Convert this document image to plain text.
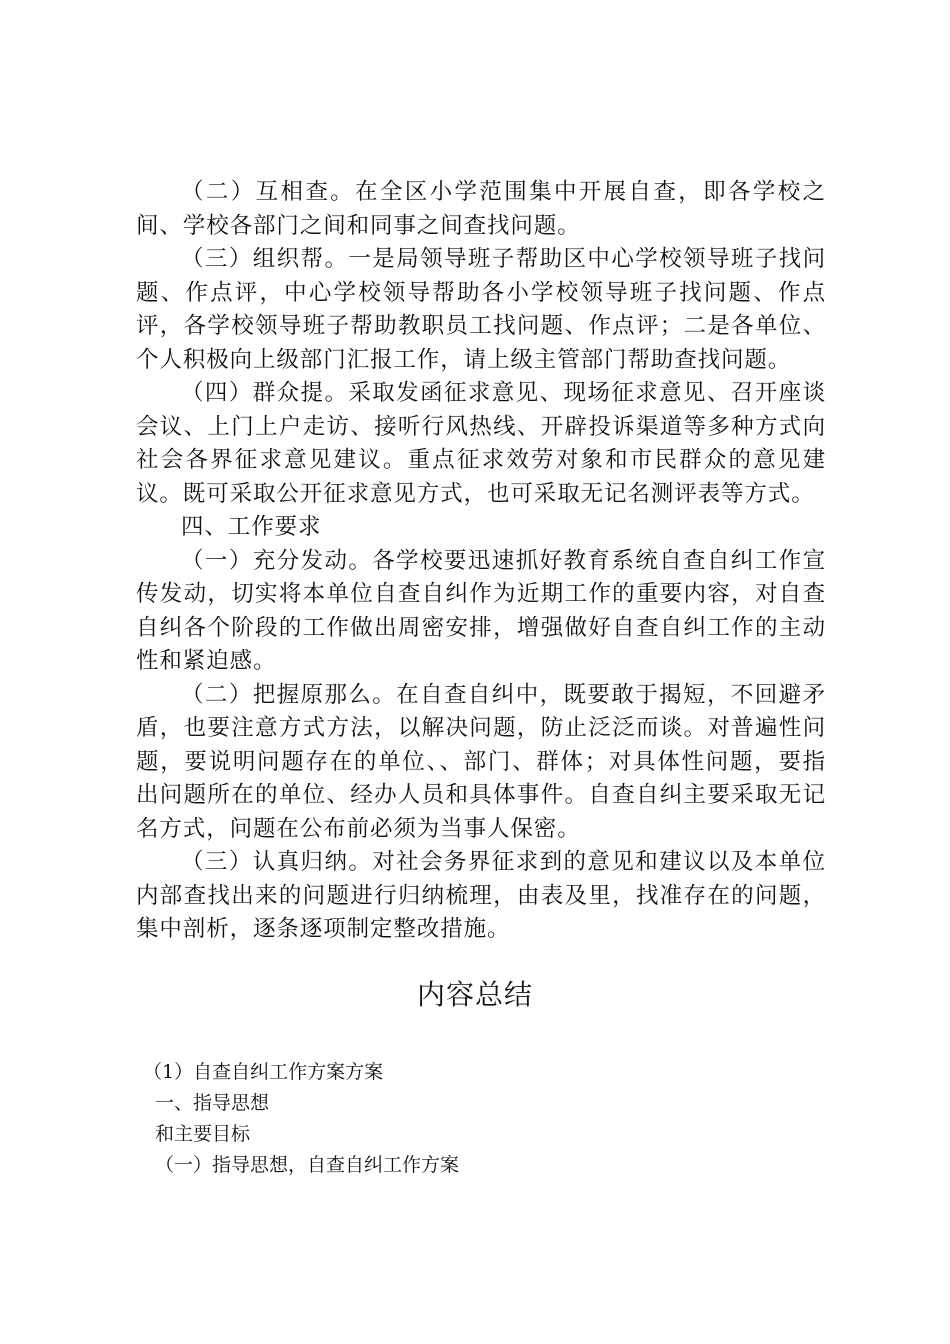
（二）互相查。在全区小学范围集中开展自查，即各学校之间、学校各部门之间和同事之间查找问题。

（三）组织帮。一是局领导班子帮助区中心学校领导班子找问题、作点评，中心学校领导帮助各小学校领导班子找问题、作点评，各学校领导班子帮助教职员工找问题、作点评；二是各单位、个人积极向上级部门汇报工作，请上级主管部门帮助查找问题。

（四）群众提。采取发函征求意见、现场征求意见、召开座谈会议、上门上户走访、接听行风热线、开辟投诉渠道等多种方式向社会各界征求意见建议。重点征求效劳对象和市民群众的意见建议。既可采取公开征求意见方式，也可采取无记名测评表等方式。

四、工作要求

（一）充分发动。各学校要迅速抓好教育系统自查自纠工作宣传发动，切实将本单位自查自纠作为近期工作的重要内容，对自查自纠各个阶段的工作做出周密安排，增强做好自查自纠工作的主动性和紧迫感。

（二）把握原那么。在自查自纠中，既要敢于揭短，不回避矛盾，也要注意方式方法，以解决问题，防止泛泛而谈。对普遍性问题，要说明问题存在的单位、、部门、群体；对具体性问题，要指出问题所在的单位、经办人员和具体事件。自查自纠主要采取无记名方式，问题在公布前必须为当事人保密。

（三）认真归纳。对社会务界征求到的意见和建议以及本单位内部查找出来的问题进行归纳梳理，由表及里，找准存在的问题，集中剖析，逐条逐项制定整改措施。

内容总结
（1）自查自纠工作方案方案
一、指导思想
和主要目标
（一）指导思想，自查自纠工作方案
